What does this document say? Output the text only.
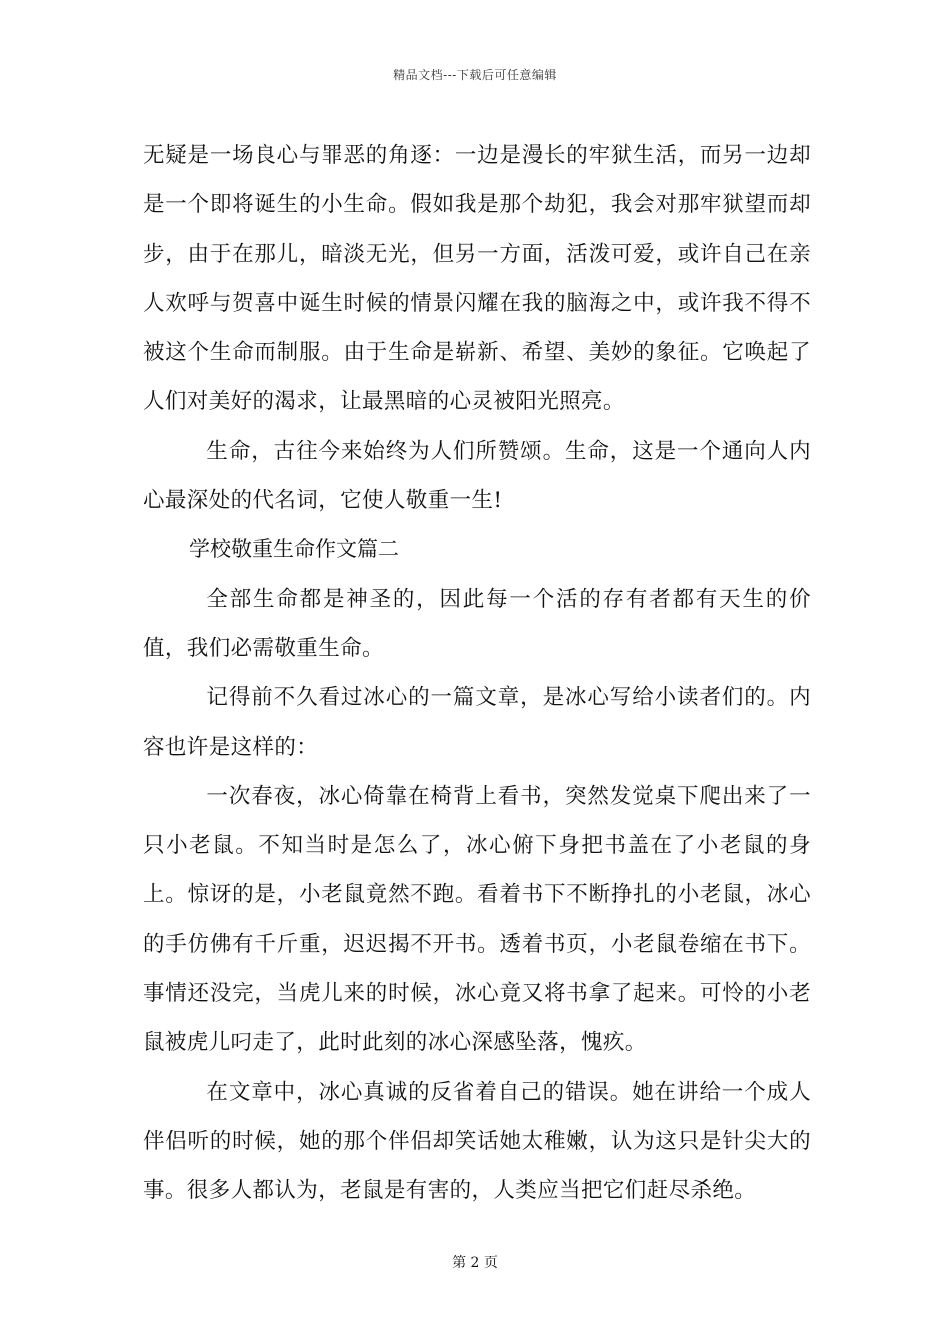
精品文档---下载后可任意编辑

无疑是一场良心与罪恶的角逐：一边是漫长的牢狱生活，而另一边却是一个即将诞生的小生命。假如我是那个劫犯，我会对那牢狱望而却步，由于在那儿，暗淡无光，但另一方面，活泼可爱，或许自己在亲人欢呼与贺喜中诞生时候的情景闪耀在我的脑海之中，或许我不得不被这个生命而制服。由于生命是崭新、希望、美妙的象征。它唤起了人们对美好的渴求，让最黑暗的心灵被阳光照亮。

生命，古往今来始终为人们所赞颂。生命，这是一个通向人内心最深处的代名词，它使人敬重一生!

学校敬重生命作文篇二

全部生命都是神圣的，因此每一个活的存有者都有天生的价值，我们必需敬重生命。

记得前不久看过冰心的一篇文章，是冰心写给小读者们的。内容也许是这样的：

一次春夜，冰心倚靠在椅背上看书，突然发觉桌下爬出来了一只小老鼠。不知当时是怎么了，冰心俯下身把书盖在了小老鼠的身上。惊讶的是，小老鼠竟然不跑。看着书下不断挣扎的小老鼠，冰心的手仿佛有千斤重，迟迟揭不开书。透着书页，小老鼠卷缩在书下。事情还没完，当虎儿来的时候，冰心竟又将书拿了起来。可怜的小老鼠被虎儿叼走了，此时此刻的冰心深感坠落，愧疚。

在文章中，冰心真诚的反省着自己的错误。她在讲给一个成人伴侣听的时候，她的那个伴侣却笑话她太稚嫩，认为这只是针尖大的事。很多人都认为，老鼠是有害的，人类应当把它们赶尽杀绝。

第 2 页
